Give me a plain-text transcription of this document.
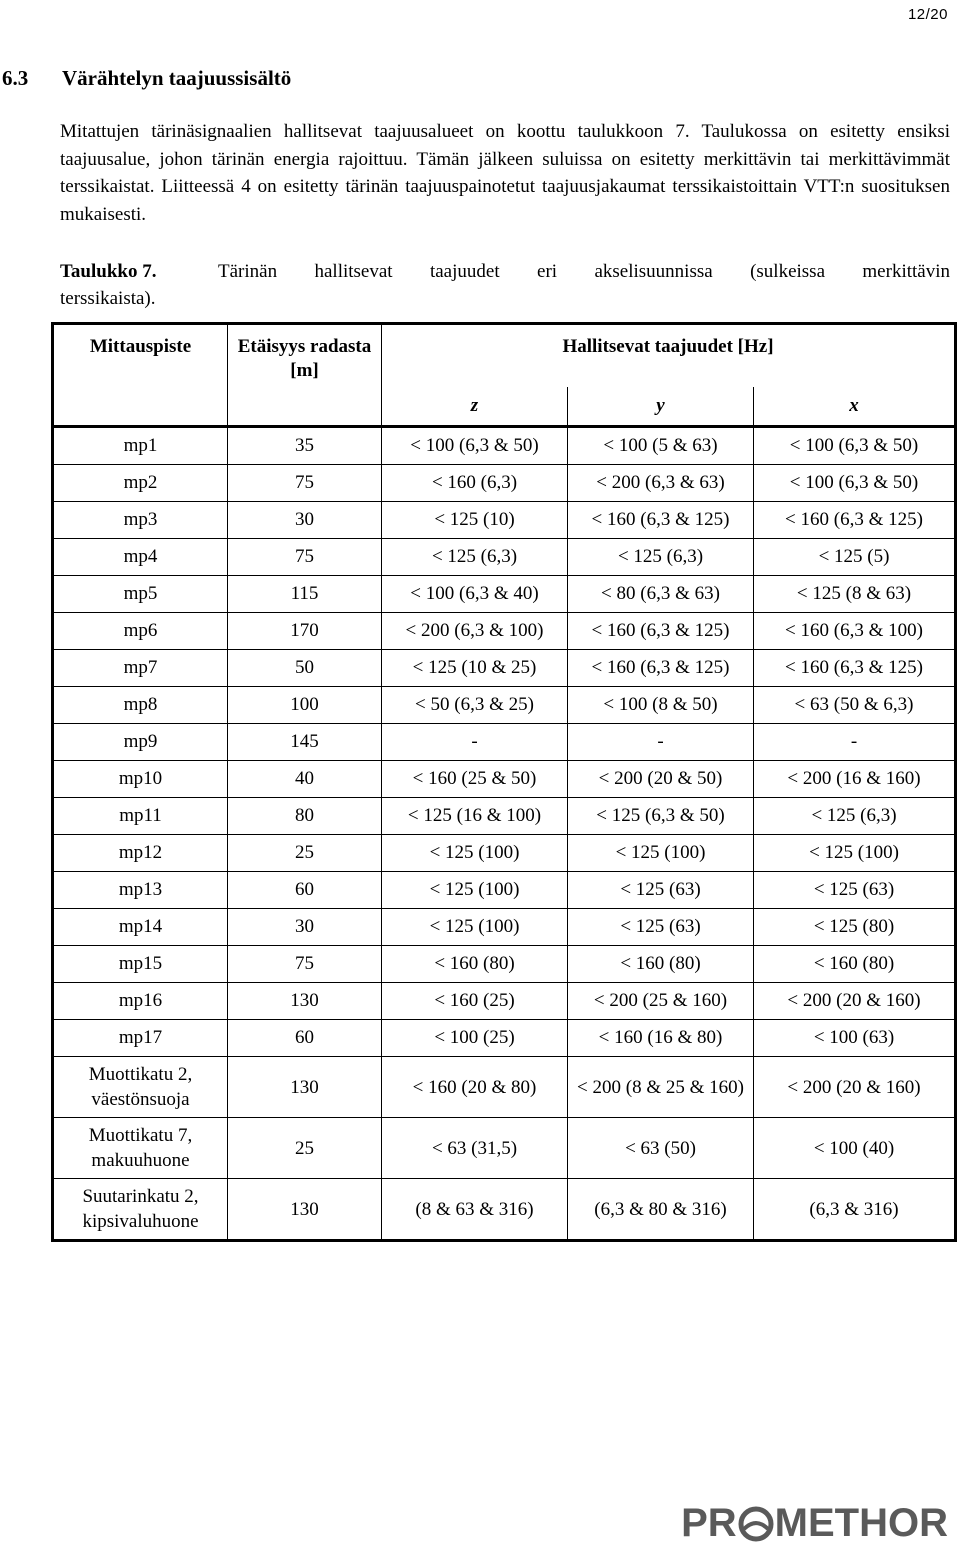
12/20
6.3 Värähtelyn taajuussisältö

Mitattujen tärinäsignaalien hallitsevat taajuusalueet on koottu taulukkoon 7. Taulukossa on esitetty ensiksi taajuusalue, johon tärinän energia rajoittuu. Tämän jälkeen suluissa on esitetty merkittävin tai merkittävimmät terssikaistat. Liitteessä 4 on esitetty tärinän taajuuspainotetut taajuusjakaumat terssikaistoittain VTT:n suosituksen mukaisesti.

Taulukko 7.	Tärinän hallitsevat taajuudet eri akselisuunnissa (sulkeissa merkittävin
terssikaista).
Mittauspiste	Etäisyys radasta [m]	Hallitsevat taajuudet [Hz]		
		z	y	x
mp1	35	< 100 (6,3 & 50)	< 100 (5 & 63)	< 100 (6,3 & 50)
mp2	75	< 160 (6,3)	< 200 (6,3 & 63)	< 100 (6,3 & 50)
mp3	30	< 125 (10)	< 160 (6,3 & 125)	< 160 (6,3 & 125)
mp4	75	< 125 (6,3)	< 125 (6,3)	< 125 (5)
mp5	115	< 100 (6,3 & 40)	< 80 (6,3 & 63)	< 125 (8 & 63)
mp6	170	< 200 (6,3 & 100)	< 160 (6,3 & 125)	< 160 (6,3 & 100)
mp7	50	< 125 (10 & 25)	< 160 (6,3 & 125)	< 160 (6,3 & 125)
mp8	100	< 50 (6,3 & 25)	< 100 (8 & 50)	< 63 (50 & 6,3)
mp9	145	-	-	-
mp10	40	< 160 (25 & 50)	< 200 (20 & 50)	< 200 (16 & 160)
mp11	80	< 125 (16 & 100)	< 125 (6,3 & 50)	< 125 (6,3)
mp12	25	< 125 (100)	< 125 (100)	< 125 (100)
mp13	60	< 125 (100)	< 125 (63)	< 125 (63)
mp14	30	< 125 (100)	< 125 (63)	< 125 (80)
mp15	75	< 160 (80)	< 160 (80)	< 160 (80)
mp16	130	< 160 (25)	< 200 (25 & 160)	< 200 (20 & 160)
mp17	60	< 100 (25)	< 160 (16 & 80)	< 100 (63)
Muottikatu 2, väestönsuoja	130	< 160 (20 & 80)	< 200 (8 & 25 & 160)	< 200 (20 & 160)
Muottikatu 7, makuuhuone	25	< 63 (31,5)	< 63 (50)	< 100 (40)
Suutarinkatu 2, kipsivaluhuone	130	(8 & 63 & 316)	(6,3 & 80 & 316)	(6,3 & 316)
PR METHOR
